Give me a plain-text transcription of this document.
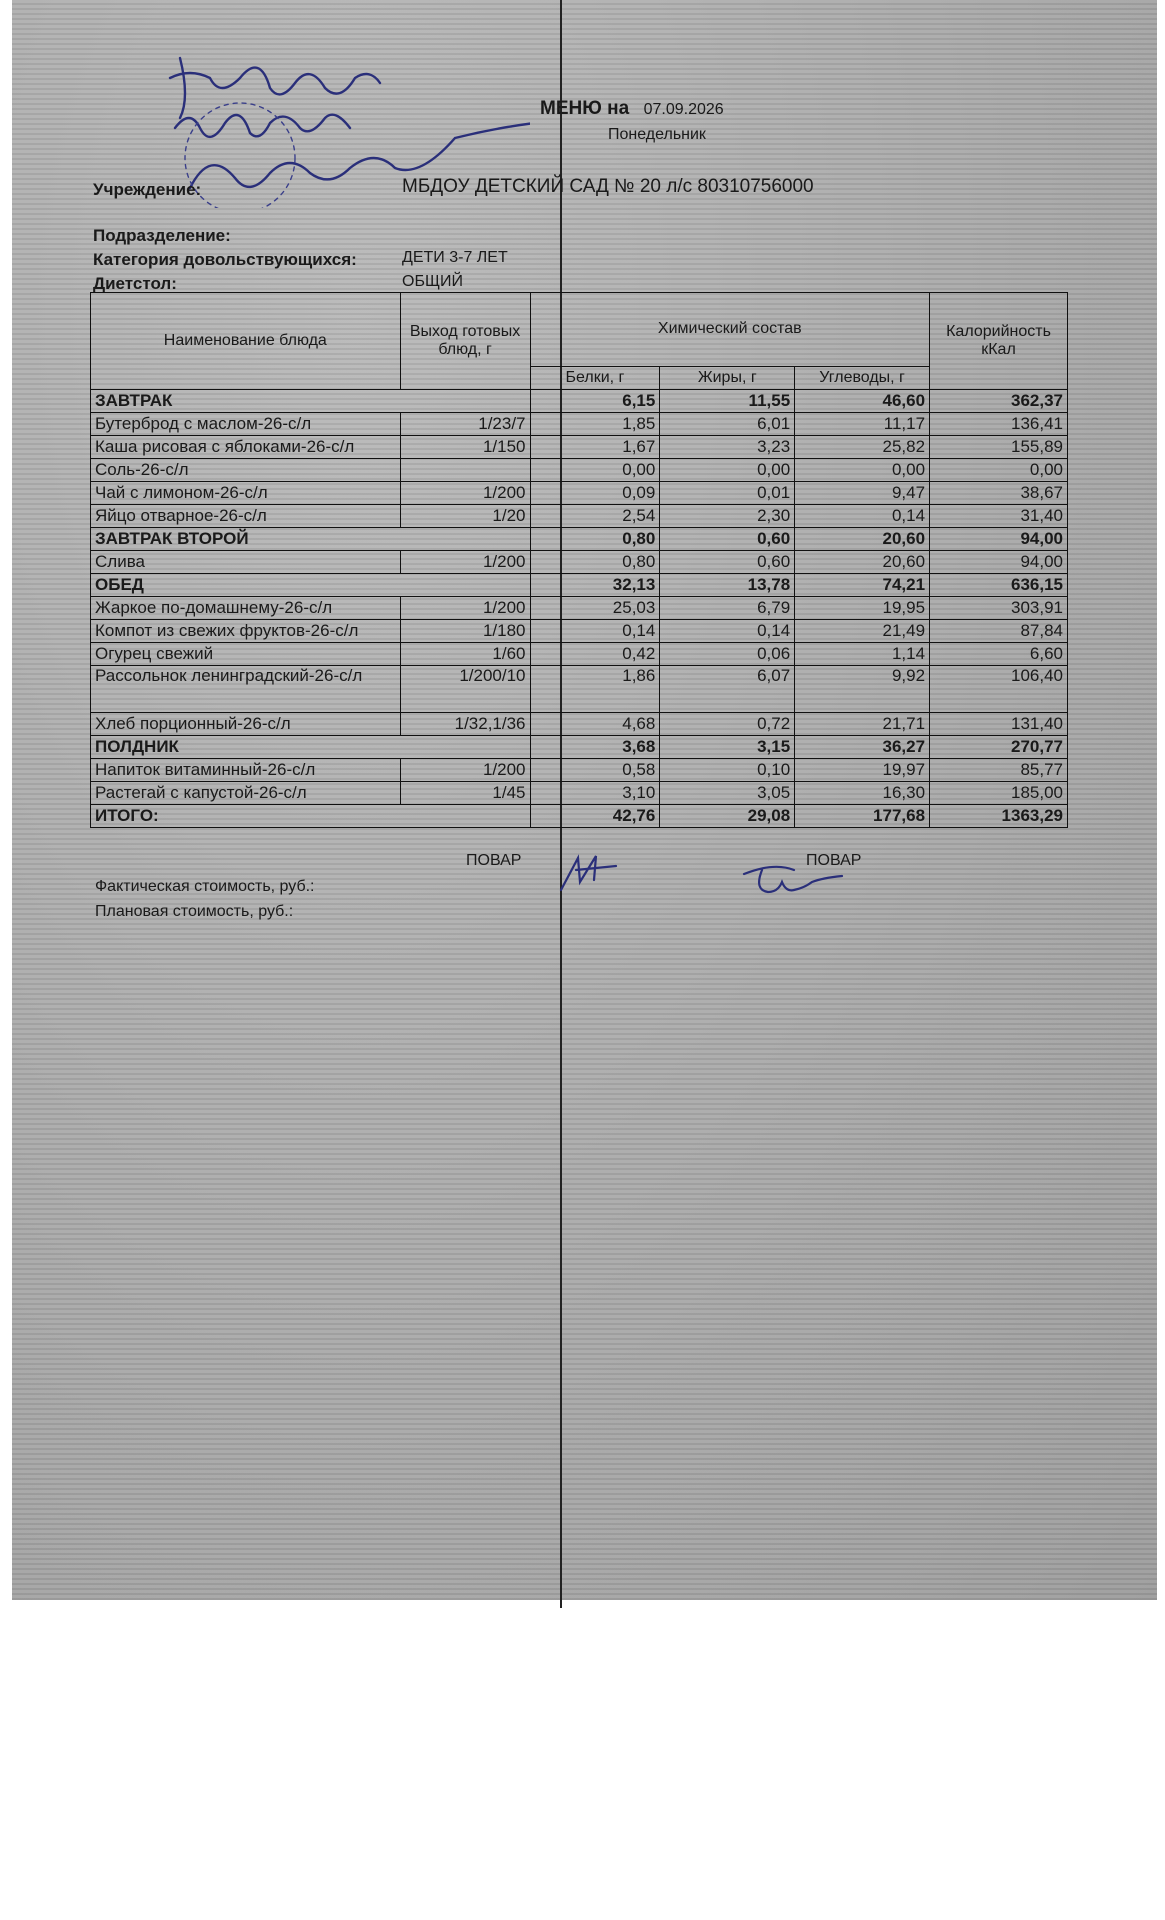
МЕНЮ на 07.09.2026
Понедельник
Учреждение:	МБДОУ ДЕТСКИЙ САД № 20 л/с 80310756000
Подразделение:
Категория довольствующихся:	ДЕТИ 3-7 ЛЕТ
Диетстол:	ОБЩИЙ
Наименование блюда	Выход готовых блюд, г	Химический состав			Калорийность кКал
		Белки, г	Жиры, г	Углеводы, г	
ЗАВТРАК		6,15	11,55	46,60	362,37
Бутерброд с маслом-26-с/л	1/23/7	1,85	6,01	11,17	136,41
Каша рисовая с яблоками-26-с/л	1/150	1,67	3,23	25,82	155,89
Соль-26-с/л		0,00	0,00	0,00	0,00
Чай с лимоном-26-с/л	1/200	0,09	0,01	9,47	38,67
Яйцо отварное-26-с/л	1/20	2,54	2,30	0,14	31,40
ЗАВТРАК ВТОРОЙ		0,80	0,60	20,60	94,00
Слива	1/200	0,80	0,60	20,60	94,00
ОБЕД		32,13	13,78	74,21	636,15
Жаркое по-домашнему-26-с/л	1/200	25,03	6,79	19,95	303,91
Компот из свежих фруктов-26-с/л	1/180	0,14	0,14	21,49	87,84
Огурец свежий	1/60	0,42	0,06	1,14	6,60
Рассольнок ленинградский-26-с/л	1/200/10	1,86	6,07	9,92	106,40
Хлеб порционный-26-с/л	1/32,1/36	4,68	0,72	21,71	131,40
ПОЛДНИК		3,68	3,15	36,27	270,77
Напиток витаминный-26-с/л	1/200	0,58	0,10	19,97	85,77
Растегай с капустой-26-с/л	1/45	3,10	3,05	16,30	185,00
ИТОГО:		42,76	29,08	177,68	1363,29
ПОВАР	ПОВАР
Фактическая стоимость, руб.:
Плановая стоимость, руб.:
